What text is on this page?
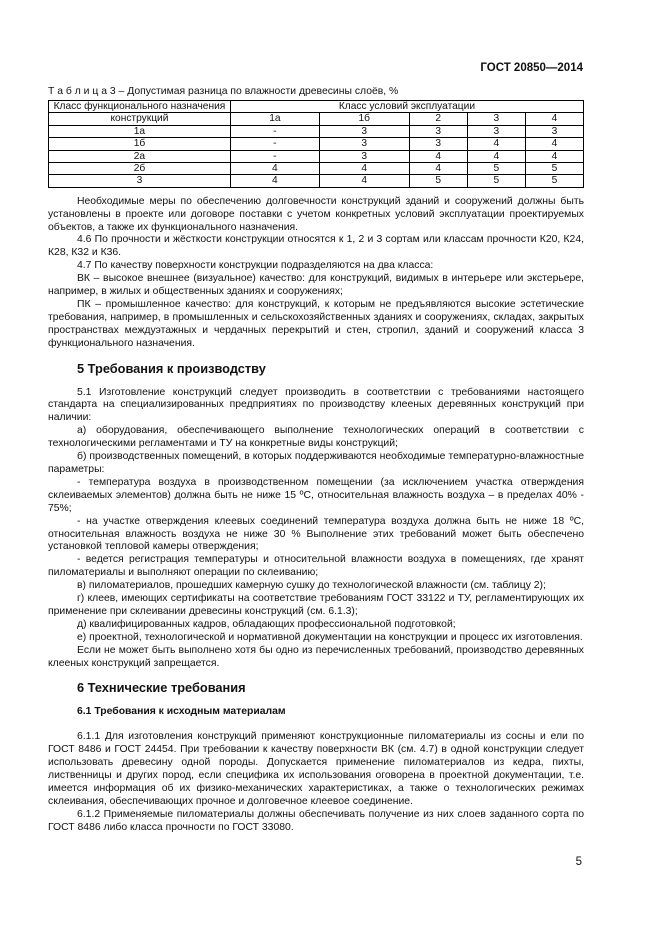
ГОСТ 20850—2014
Т а б л и ц а 3 – Допустимая разница по влажности древесины слоёв, %
Класс функционального назначения	Класс условий эксплуатации				
конструкций	1а	1б	2	3	4
1а	-	3	3	3	3
1б	-	3	3	4	4
2а	-	3	4	4	4
2б	4	4	4	5	5
3	4	4	5	5	5

Необходимые меры по обеспечению долговечности конструкций зданий и сооружений должны быть установлены в проекте или договоре поставки с учетом конкретных условий эксплуатации проектируемых объектов, а также их функционального назначения.

4.6 По прочности и жёсткости конструкции относятся к 1, 2 и 3 сортам или классам прочности К20, К24, К28, К32 и К36.

4.7 По качеству поверхности конструкции подразделяются на два класса:

ВК – высокое внешнее (визуальное) качество: для конструкций, видимых в интерьере или экстерьере, например, в жилых и общественных зданиях и сооружениях;

ПК – промышленное качество: для конструкций, к которым не предъявляются высокие эстетические требования, например, в промышленных и сельскохозяйственных зданиях и сооружениях, складах, закрытых пространствах междуэтажных и чердачных перекрытий и стен, стропил, зданий и сооружений класса 3 функционального назначения.

5 Требования к производству

5.1 Изготовление конструкций следует производить в соответствии с требованиями настоящего стандарта на специализированных предприятиях по производству клееных деревянных конструкций при наличии:

а) оборудования, обеспечивающего выполнение технологических операций в соответствии с технологическими регламентами и ТУ на конкретные виды конструкций;

б) производственных помещений, в которых поддерживаются необходимые температурно-влажностные параметры:

- температура воздуха в производственном помещении (за исключением участка отверждения склеиваемых элементов) должна быть не ниже 15 ºС, относительная влажность воздуха – в пределах 40% - 75%;

- на участке отверждения клеевых соединений температура воздуха должна быть не ниже 18 ºС, относительная влажность воздуха не ниже 30 % Выполнение этих требований может быть обеспечено установкой тепловой камеры отверждения;

- ведется регистрация температуры и относительной влажности воздуха в помещениях, где хранят пиломатериалы и выполняют операции по склеиванию;

в) пиломатериалов, прошедших камерную сушку до технологической влажности (см. таблицу 2);

г) клеев, имеющих сертификаты на соответствие требованиям ГОСТ 33122 и ТУ, регламентирующих их применение при склеивании древесины конструкций (см. 6.1.3);

д) квалифицированных кадров, обладающих профессиональной подготовкой;

е) проектной, технологической и нормативной документации на конструкции и процесс их изготовления.

Если не может быть выполнено хотя бы одно из перечисленных требований, производство деревянных клееных конструкций запрещается.

6 Технические требования
6.1 Требования к исходным материалам

6.1.1 Для изготовления конструкций применяют конструкционные пиломатериалы из сосны и ели по ГОСТ 8486 и ГОСТ 24454. При требовании к качеству поверхности ВК (см. 4.7) в одной конструкции следует использовать древесину одной породы. Допускается применение пиломатериалов из кедра, пихты, лиственницы и других пород, если специфика их использования оговорена в проектной документации, т.е. имеется информация об их физико-механических характеристиках, а также о технологических режимах склеивания, обеспечивающих прочное и долговечное клеевое соединение.

6.1.2 Применяемые пиломатериалы должны обеспечивать получение из них слоев заданного сорта по ГОСТ 8486 либо класса прочности по ГОСТ 33080.

5
